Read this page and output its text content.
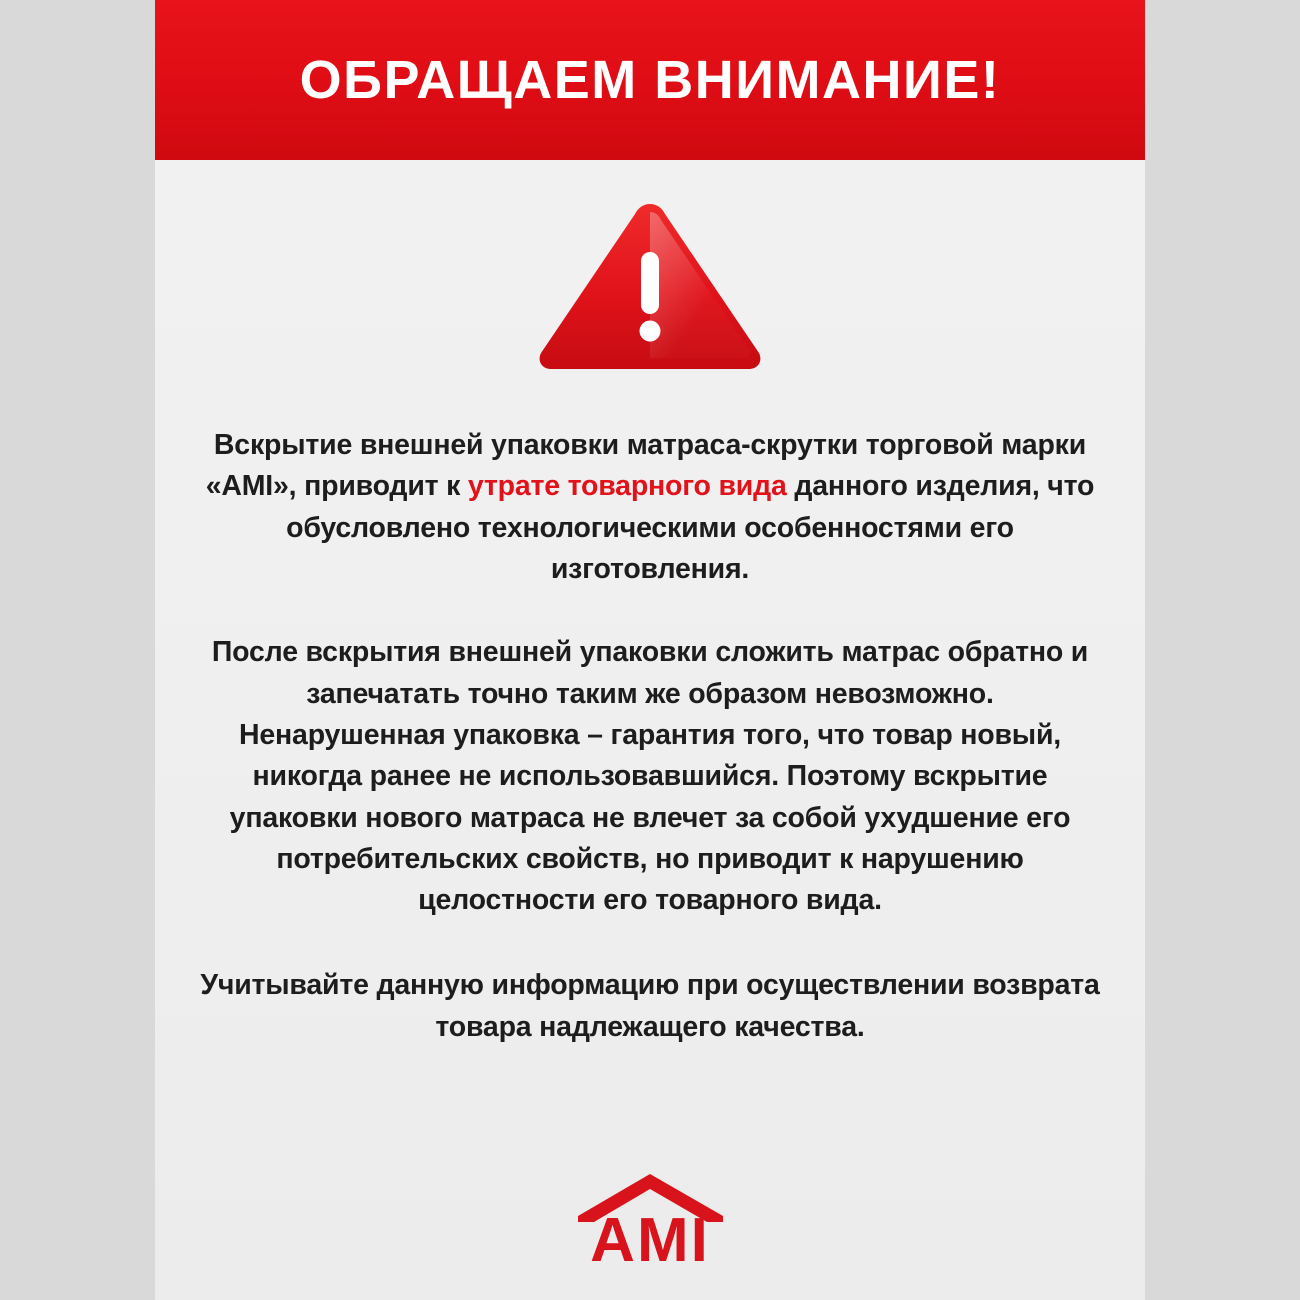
ОБРАЩАЕМ ВНИМАНИЕ!

Вскрытие внешней упаковки матраса-скрутки торговой марки «AMI», приводит к утрате товарного вида данного изделия, что обусловлено технологическими особенностями его изготовления.

После вскрытия внешней упаковки сложить матрас обратно и запечатать точно таким же образом невозможно. Ненарушенная упаковка – гарантия того, что товар новый, никогда ранее не использовавшийся. Поэтому вскрытие упаковки нового матраса не влечет за собой ухудшение его потребительских свойств, но приводит к нарушению целостности его товарного вида.

Учитывайте данную информацию при осуществлении возврата товара надлежащего качества.

AMI
